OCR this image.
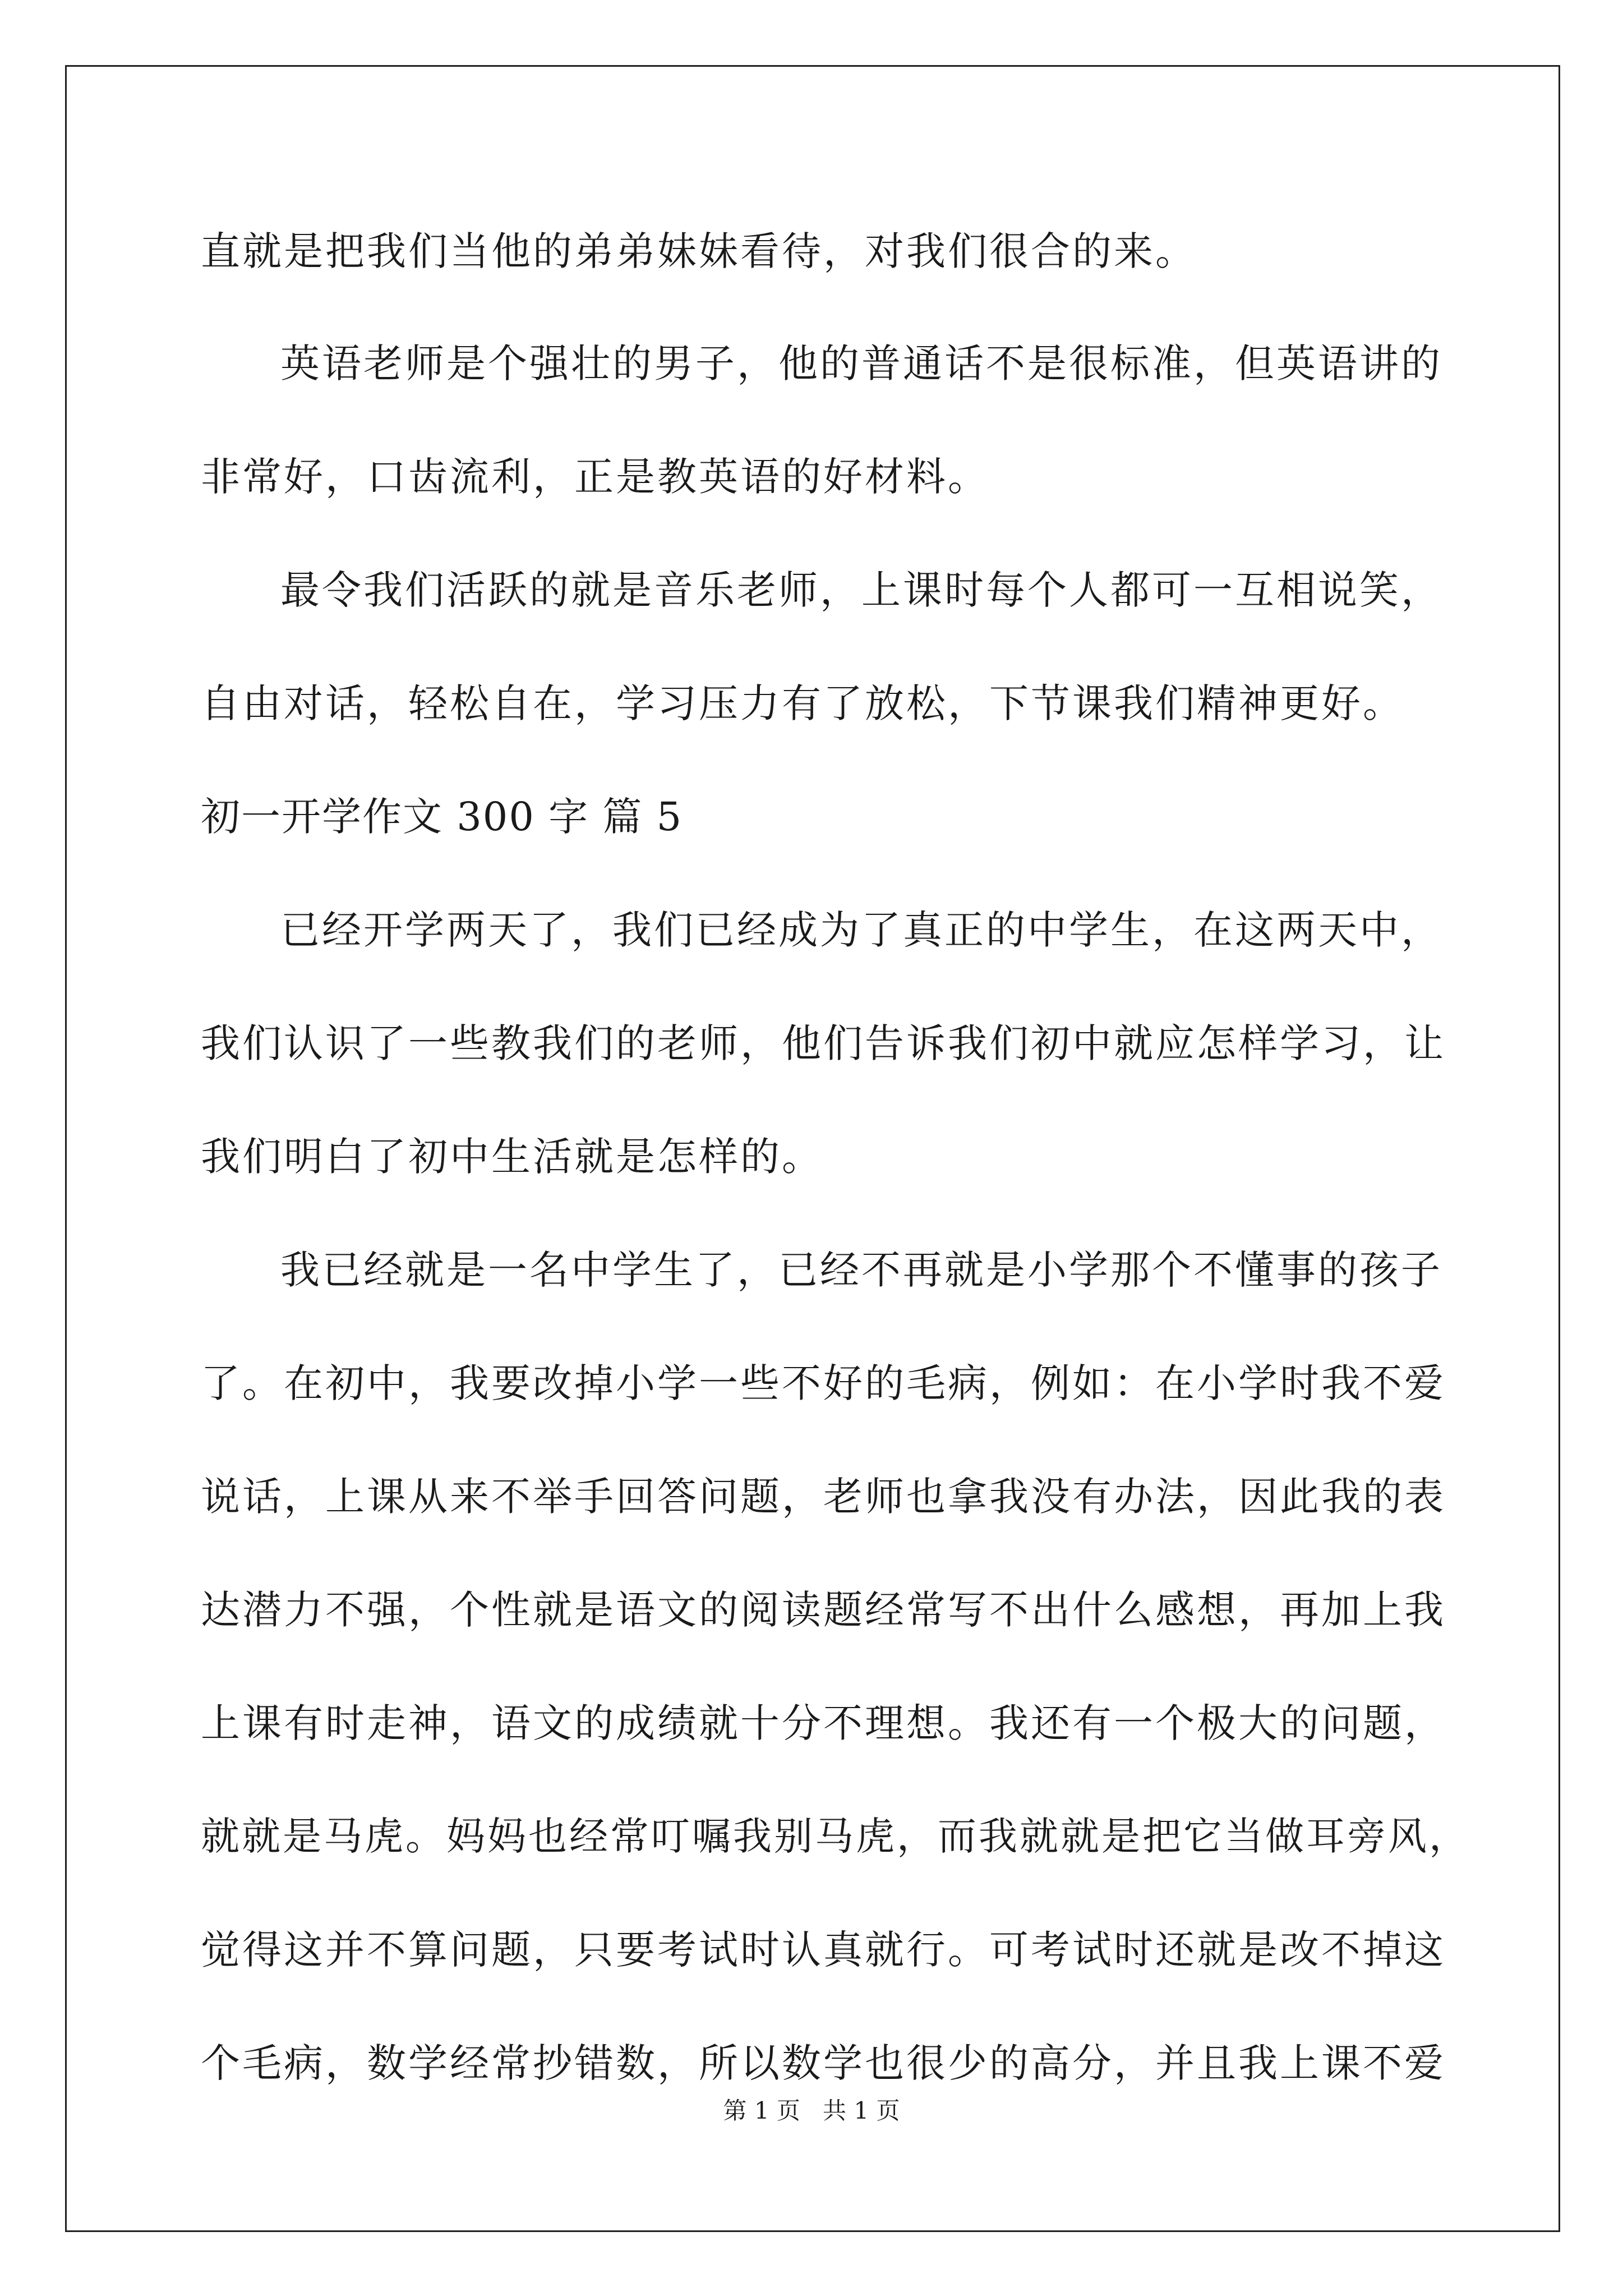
直就是把我们当他的弟弟妹妹看待，对我们很合的来。
英语老师是个强壮的男子，他的普通话不是很标准，但英语讲的
非常好，口齿流利，正是教英语的好材料。
最令我们活跃的就是音乐老师，上课时每个人都可一互相说笑，
自由对话，轻松自在，学习压力有了放松，下节课我们精神更好。
初一开学作文 300 字 篇 5
已经开学两天了，我们已经成为了真正的中学生，在这两天中，
我们认识了一些教我们的老师，他们告诉我们初中就应怎样学习，让
我们明白了初中生活就是怎样的。
我已经就是一名中学生了，已经不再就是小学那个不懂事的孩子
了。在初中，我要改掉小学一些不好的毛病，例如：在小学时我不爱
说话，上课从来不举手回答问题，老师也拿我没有办法，因此我的表
达潜力不强，个性就是语文的阅读题经常写不出什么感想，再加上我
上课有时走神，语文的成绩就十分不理想。我还有一个极大的问题，
就就是马虎。妈妈也经常叮嘱我别马虎，而我就就是把它当做耳旁风，
觉得这并不算问题，只要考试时认真就行。可考试时还就是改不掉这
个毛病，数学经常抄错数，所以数学也很少的高分，并且我上课不爱
第 1 页   共 1 页
